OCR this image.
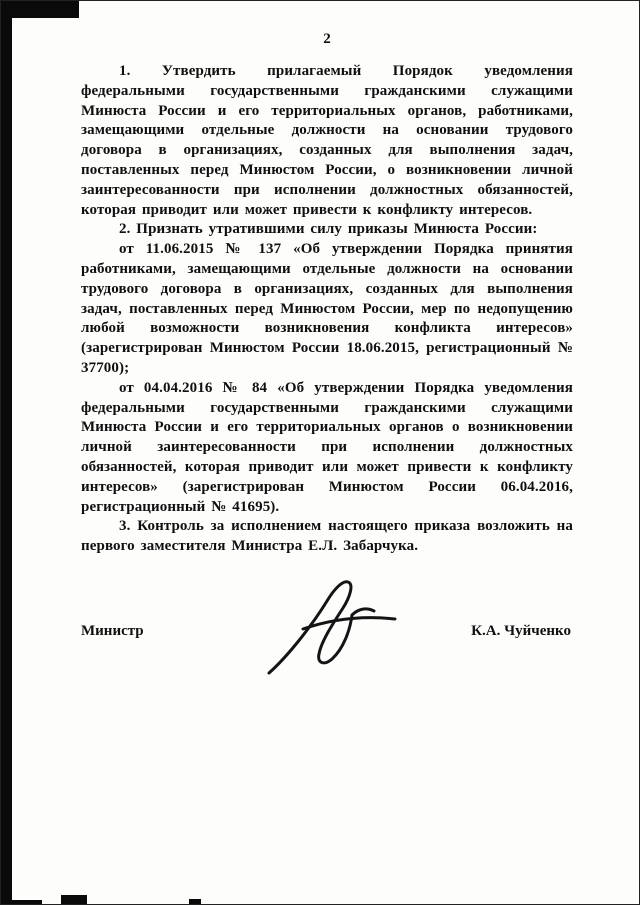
2

1. Утвердить прилагаемый Порядок уведомления федеральными государственными гражданскими служащими Минюста России и его территориальных органов, работниками, замещающими отдельные должности на основании трудового договора в организациях, созданных для выполнения задач, поставленных перед Минюстом России, о возникновении личной заинтересованности при исполнении должностных обязанностей, которая приводит или может привести к конфликту интересов.

2. Признать утратившими силу приказы Минюста России:

от 11.06.2015 № 137 «Об утверждении Порядка принятия работниками, замещающими отдельные должности на основании трудового договора в организациях, созданных для выполнения задач, поставленных перед Минюстом России, мер по недопущению любой возможности возникновения конфликта интересов» (зарегистрирован Минюстом России 18.06.2015, регистрационный № 37700);

от 04.04.2016 № 84 «Об утверждении Порядка уведомления федеральными государственными гражданскими служащими Минюста России и его территориальных органов о возникновении личной заинтересованности при исполнении должностных обязанностей, которая приводит или может привести к конфликту интересов» (зарегистрирован Минюстом России 06.04.2016, регистрационный № 41695).

3. Контроль за исполнением настоящего приказа возложить на первого заместителя Министра Е.Л. Забарчука.

Министр	К.А. Чуйченко
